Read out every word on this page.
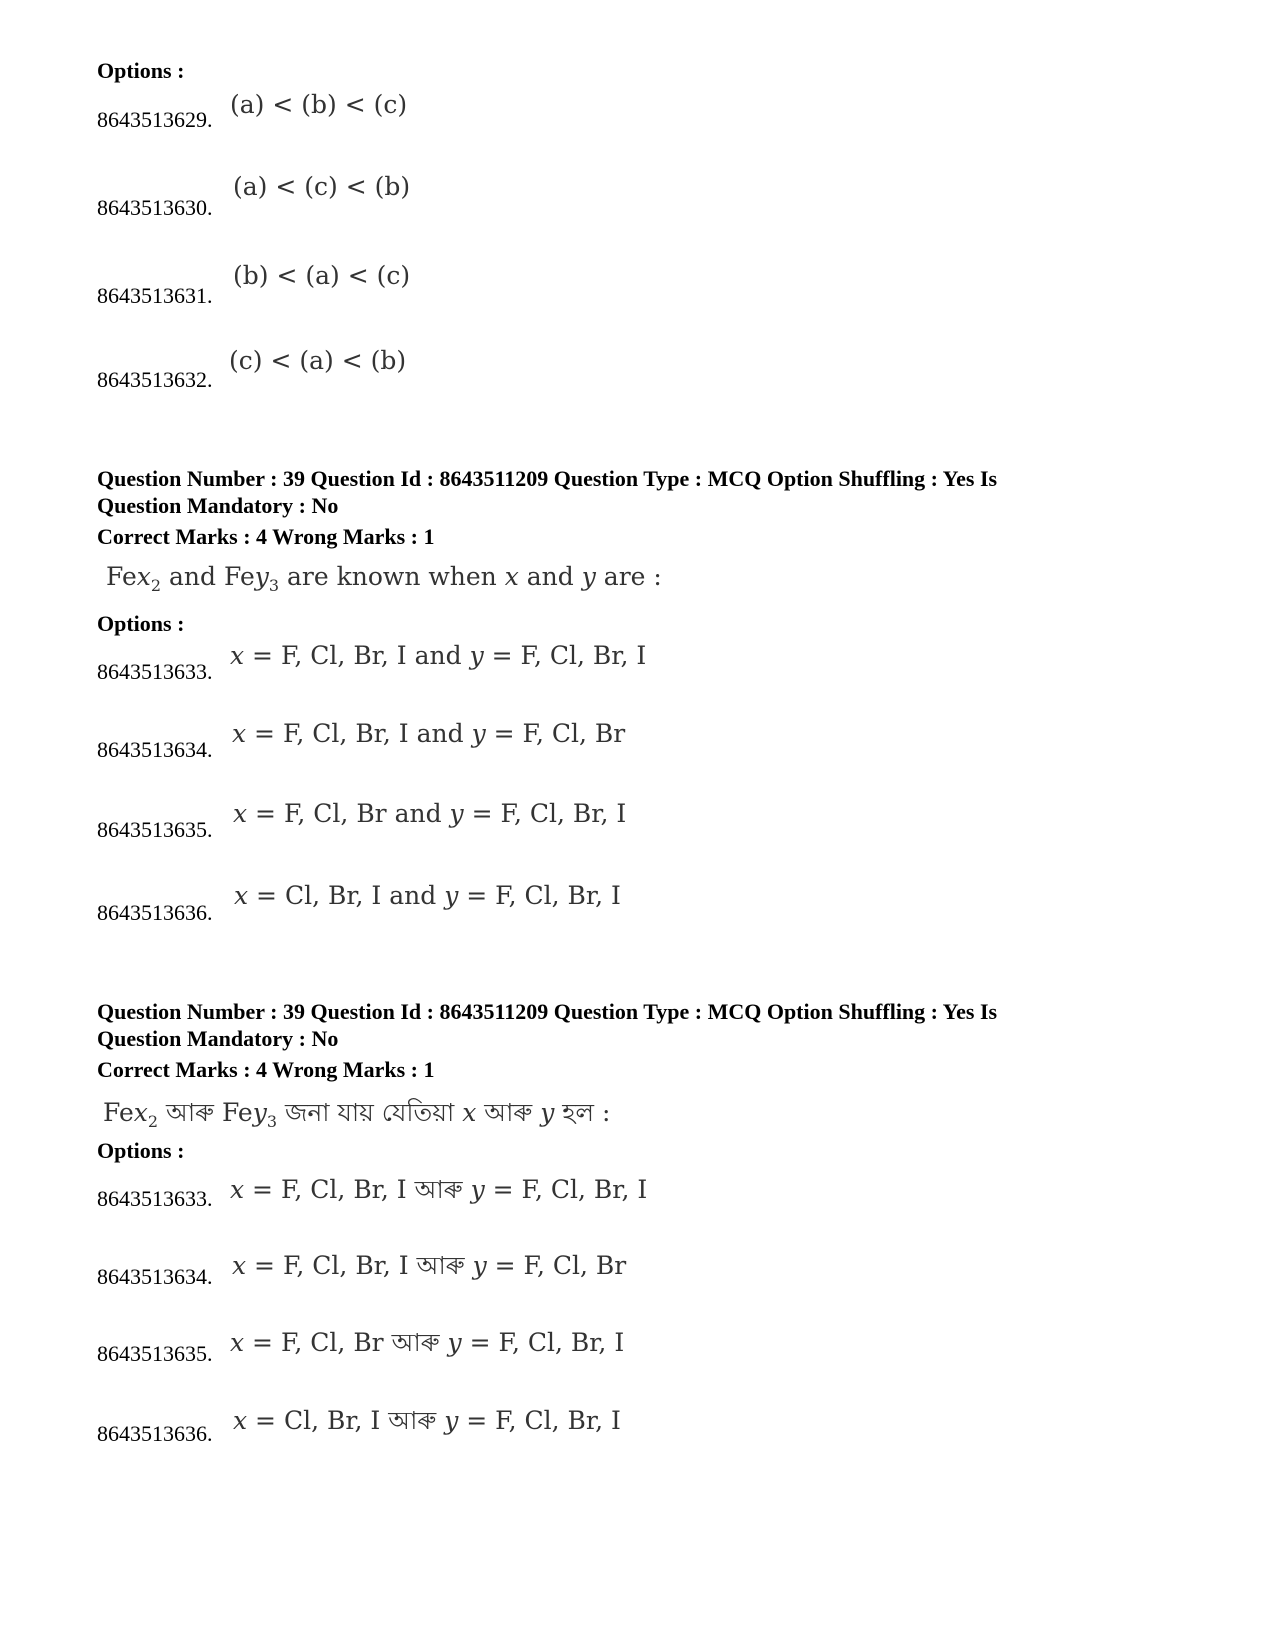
Options :
8643513629.
(a) < (b) < (c)
8643513630.
(a) < (c) < (b)
8643513631.
(b) < (a) < (c)
8643513632.
(c) < (a) < (b)
Question Number : 39 Question Id : 8643511209 Question Type : MCQ Option Shuffling : Yes Is
Question Mandatory : No
Correct Marks : 4 Wrong Marks : 1
Fex$_2$ and Fey$_3$ are known when x and y are :
Options :
8643513633.
x = F, Cl, Br, I and y = F, Cl, Br, I
8643513634.
x = F, Cl, Br, I and y = F, Cl, Br
8643513635.
x = F, Cl, Br and y = F, Cl, Br, I
8643513636.
x = Cl, Br, I and y = F, Cl, Br, I
Question Number : 39 Question Id : 8643511209 Question Type : MCQ Option Shuffling : Yes Is
Question Mandatory : No
Correct Marks : 4 Wrong Marks : 1
Fex$_2$ আৰু Fey$_3$ জনা যায় যেতিয়া x আৰু y হল :
Options :
8643513633. x = F, Cl, Br, I আৰু y = F, Cl, Br, I
8643513634. x = F, Cl, Br, I আৰু y = F, Cl, Br
8643513635. x = F, Cl, Br আৰু y = F, Cl, Br, I
8643513636. x = Cl, Br, I আৰু y = F, Cl, Br, I
